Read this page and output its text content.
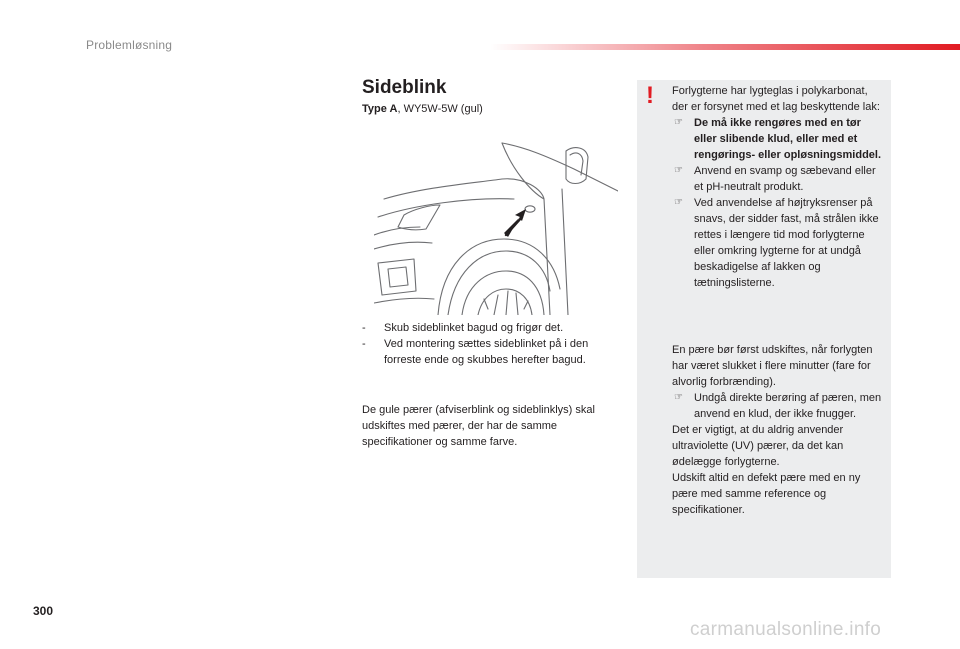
Problemløsning
Sideblink
Type A, WY5W-5W (gul)
- Skub sideblinket bagud og frigør det.
- Ved montering sættes sideblinket på i den forreste ende og skubbes herefter bagud.

De gule pærer (afviserblink og sideblinklys) skal udskiftes med pærer, der har de samme specifikationer og samme farve.

!	Forlygterne har lygteglas i polykarbonat, der er forsynet med et lag beskyttende lak:
☞ De må ikke rengøres med en tør eller slibende klud, eller med et rengørings- eller opløsningsmiddel.
☞ Anvend en svamp og sæbevand eller et pH-neutralt produkt.
☞ Ved anvendelse af højtryksrenser på snavs, der sidder fast, må strålen ikke rettes i længere tid mod forlygterne eller omkring lygterne for at undgå beskadigelse af lakken og tætningslisterne.
En pære bør først udskiftes, når forlygten har været slukket i flere minutter (fare for alvorlig forbrænding).
☞ Undgå direkte berøring af pæren, men anvend en klud, der ikke fnugger.
Det er vigtigt, at du aldrig anvender ultraviolette (UV) pærer, da det kan ødelægge forlygterne.
Udskift altid en defekt pære med en ny pære med samme reference og specifikationer.
300
carmanualsonline.info
